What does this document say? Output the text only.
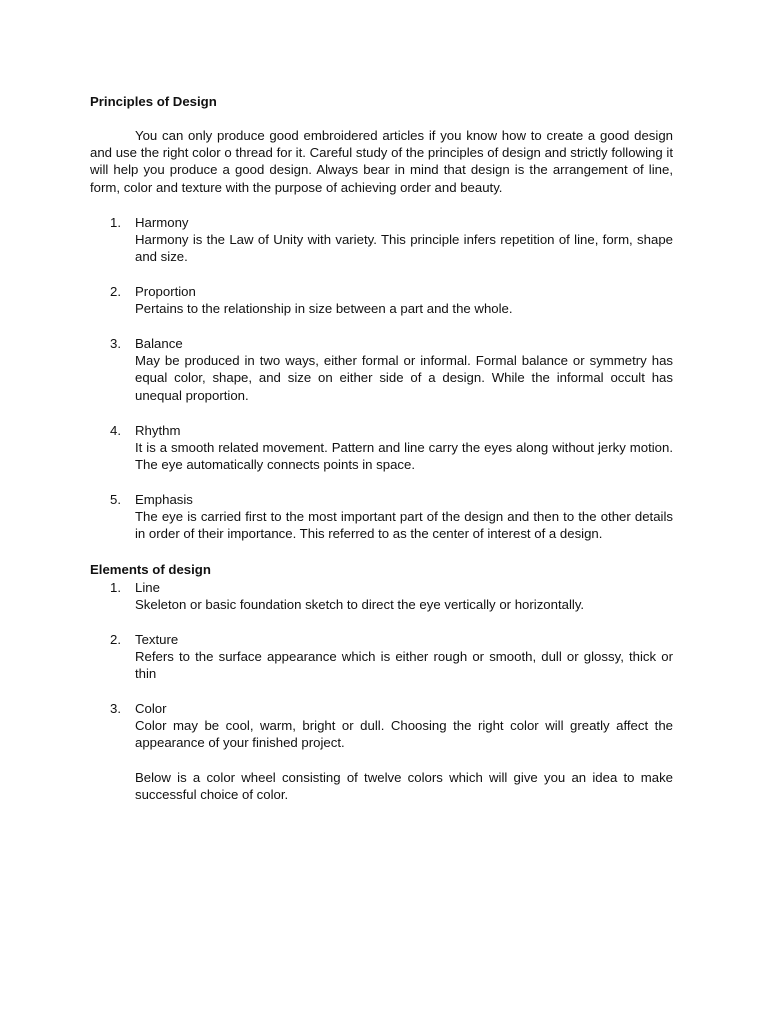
Principles of Design

You can only produce good embroidered articles if you know how to create a good design and use the right color o thread for it. Careful study of the principles of design and strictly following it will help you produce a good design. Always bear in mind that design is the arrangement of line, form, color and texture with the purpose of achieving order and beauty.

1. Harmony

Harmony is the Law of Unity with variety. This principle infers repetition of line, form, shape and size.

2. Proportion

Pertains to the relationship in size between a part and the whole.

3. Balance

May be produced in two ways, either formal or informal. Formal balance or symmetry has equal color, shape, and size on either side of a design. While the informal occult has unequal proportion.

4. Rhythm

It is a smooth related movement. Pattern and line carry the eyes along without jerky motion. The eye automatically connects points in space.

5. Emphasis

The eye is carried first to the most important part of the design and then to the other details in order of their importance. This referred to as the center of interest of a design.

Elements of design
1. Line

Skeleton or basic foundation sketch to direct the eye vertically or horizontally.

2. Texture

Refers to the surface appearance which is either rough or smooth, dull or glossy, thick or thin

3. Color

Color may be cool, warm, bright or dull. Choosing the right color will greatly affect the appearance of your finished project.

Below is a color wheel consisting of twelve colors which will give you an idea to make successful choice of color.
